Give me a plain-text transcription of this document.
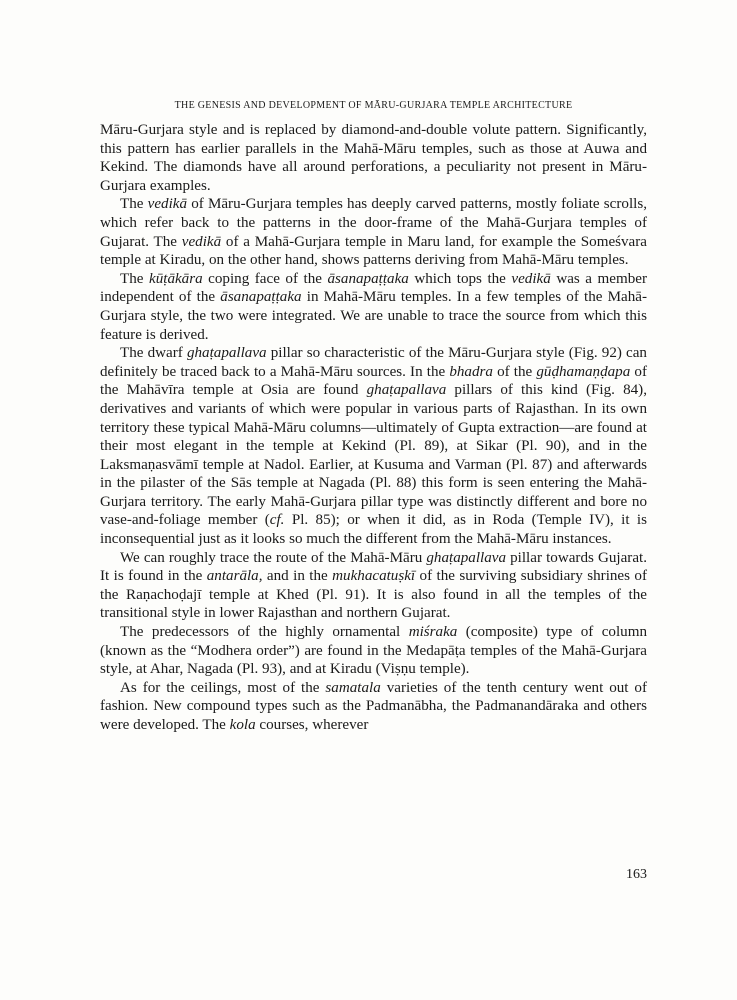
THE GENESIS AND DEVELOPMENT OF MĀRU-GURJARA TEMPLE ARCHITECTURE

Māru-Gurjara style and is replaced by diamond-and-double volute pattern. Significantly, this pattern has earlier parallels in the Mahā-Māru temples, such as those at Auwa and Kekind. The diamonds have all around perforations, a peculiarity not present in Māru-Gurjara examples.

The vedikā of Māru-Gurjara temples has deeply carved patterns, mostly foliate scrolls, which refer back to the patterns in the door-frame of the Mahā-Gurjara temples of Gujarat. The vedikā of a Mahā-Gurjara temple in Maru land, for example the Someśvara temple at Kiradu, on the other hand, shows patterns deriving from Mahā-Māru temples.

The kūṭākāra coping face of the āsanapaṭṭaka which tops the vedikā was a member independent of the āsanapaṭṭaka in Mahā-Māru temples. In a few temples of the Mahā-Gurjara style, the two were integrated. We are unable to trace the source from which this feature is derived.

The dwarf ghaṭapallava pillar so characteristic of the Māru-Gurjara style (Fig. 92) can definitely be traced back to a Mahā-Māru sources. In the bhadra of the gūḍhamaṇḍapa of the Mahāvīra temple at Osia are found ghaṭapallava pillars of this kind (Fig. 84), derivatives and variants of which were popular in various parts of Rajasthan. In its own territory these typical Mahā-Māru columns—ultimately of Gupta extraction—are found at their most elegant in the temple at Kekind (Pl. 89), at Sikar (Pl. 90), and in the Laksmaṇasvāmī temple at Nadol. Earlier, at Kusuma and Varman (Pl. 87) and afterwards in the pilaster of the Sās temple at Nagada (Pl. 88) this form is seen entering the Mahā-Gurjara territory. The early Mahā-Gurjara pillar type was distinctly different and bore no vase-and-foliage member (cf. Pl. 85); or when it did, as in Roda (Temple IV), it is inconsequential just as it looks so much the different from the Mahā-Māru instances.

We can roughly trace the route of the Mahā-Māru ghaṭapallava pillar towards Gujarat. It is found in the antarāla, and in the mukhacatuṣkī of the surviving subsidiary shrines of the Raṇachoḍajī temple at Khed (Pl. 91). It is also found in all the temples of the transitional style in lower Rajasthan and northern Gujarat.

The predecessors of the highly ornamental miśraka (composite) type of column (known as the “Modhera order”) are found in the Medapāṭa temples of the Mahā-Gurjara style, at Ahar, Nagada (Pl. 93), and at Kiradu (Viṣṇu temple).

As for the ceilings, most of the samatala varieties of the tenth century went out of fashion. New compound types such as the Padmanābha, the Padmanandāraka and others were developed. The kola courses, wherever

163
